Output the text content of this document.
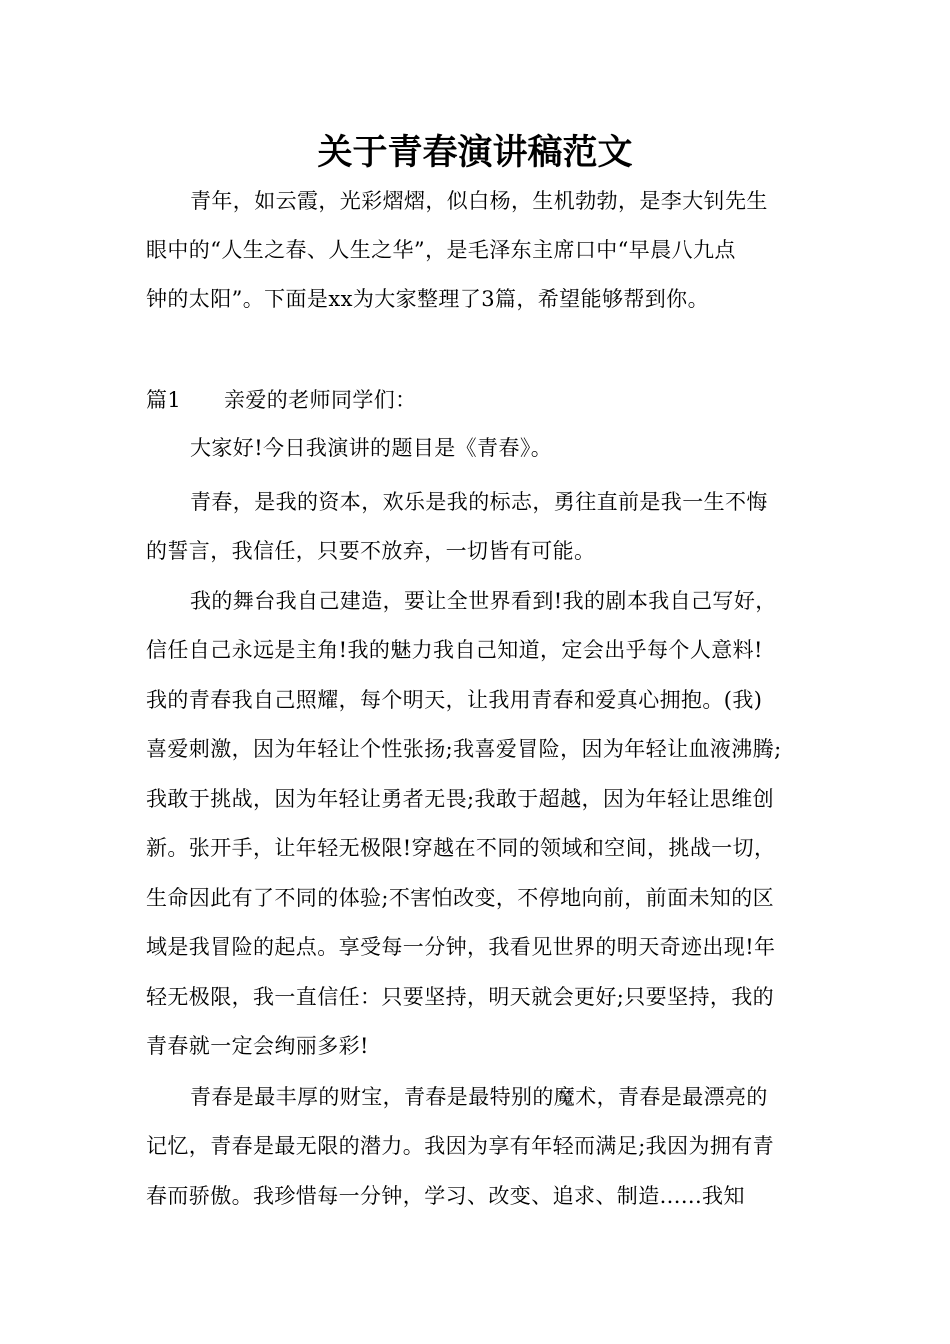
关于青春演讲稿范文
青年，如云霞，光彩熠熠，似白杨，生机勃勃，是李大钊先生
眼中的“人生之春、人生之华”，是毛泽东主席口中“早晨八九点
钟的太阳”。下面是xx为大家整理了3篇，希望能够帮到你。
篇1　　亲爱的老师同学们：
大家好!今日我演讲的题目是《青春》。
青春，是我的资本，欢乐是我的标志，勇往直前是我一生不悔
的誓言，我信任，只要不放弃，一切皆有可能。
我的舞台我自己建造，要让全世界看到!我的剧本我自己写好，
信任自己永远是主角!我的魅力我自己知道，定会出乎每个人意料!
我的青春我自己照耀，每个明天，让我用青春和爱真心拥抱。(我)
喜爱刺激，因为年轻让个性张扬;我喜爱冒险，因为年轻让血液沸腾;
我敢于挑战，因为年轻让勇者无畏;我敢于超越，因为年轻让思维创
新。张开手，让年轻无极限!穿越在不同的领域和空间，挑战一切，
生命因此有了不同的体验;不害怕改变，不停地向前，前面未知的区
域是我冒险的起点。享受每一分钟，我看见世界的明天奇迹出现!年
轻无极限，我一直信任：只要坚持，明天就会更好;只要坚持，我的
青春就一定会绚丽多彩!
青春是最丰厚的财宝，青春是最特别的魔术，青春是最漂亮的
记忆，青春是最无限的潜力。我因为享有年轻而满足;我因为拥有青
春而骄傲。我珍惜每一分钟，学习、改变、追求、制造......我知
